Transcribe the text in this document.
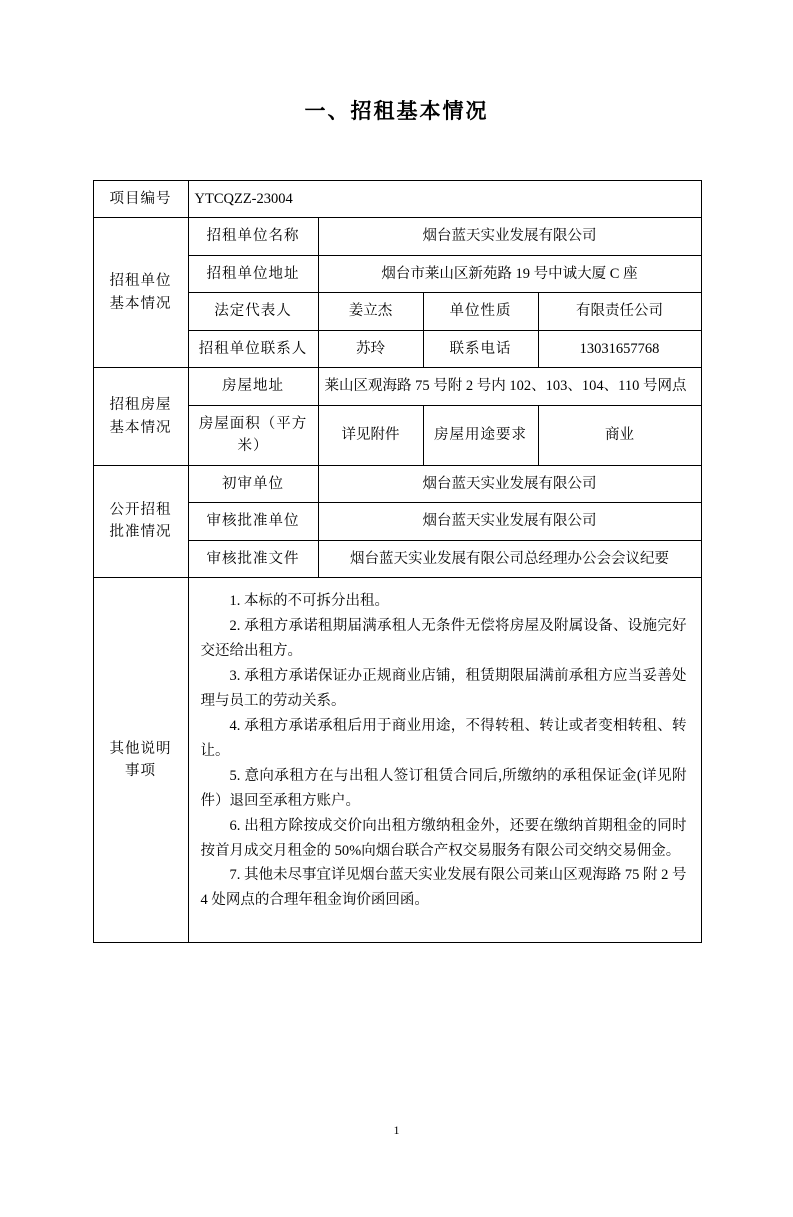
一、招租基本情况
项目编号	YTCQZZ-23004			

招租单位
基本情况	招租单位名称	烟台蓝天实业发展有限公司		
	招租单位地址	烟台市莱山区新苑路 19 号中诚大厦 C 座		
	法定代表人	姜立杰	单位性质	有限责任公司
	招租单位联系人	苏玲	联系电话	13031657768

招租房屋
基本情况	房屋地址	莱山区观海路 75 号附 2 号内 102、103、104、110 号网点		
	房屋面积（平方米）	详见附件	房屋用途要求	商业

公开招租
批准情况	初审单位	烟台蓝天实业发展有限公司		
	审核批准单位	烟台蓝天实业发展有限公司		
	审核批准文件	烟台蓝天实业发展有限公司总经理办公会会议纪要		

其他说明
事项

1. 本标的不可拆分出租。

2. 承租方承诺租期届满承租人无条件无偿将房屋及附属设备、设施完好交还给出租方。

3. 承租方承诺保证办正规商业店铺，租赁期限届满前承租方应当妥善处理与员工的劳动关系。

4. 承租方承诺承租后用于商业用途，不得转租、转让或者变相转租、转让。

5. 意向承租方在与出租人签订租赁合同后,所缴纳的承租保证金(详见附件）退回至承租方账户。

6. 出租方除按成交价向出租方缴纳租金外，还要在缴纳首期租金的同时按首月成交月租金的 50%向烟台联合产权交易服务有限公司交纳交易佣金。

7. 其他未尽事宜详见烟台蓝天实业发展有限公司莱山区观海路 75 附 2 号 4 处网点的合理年租金询价函回函。

1
